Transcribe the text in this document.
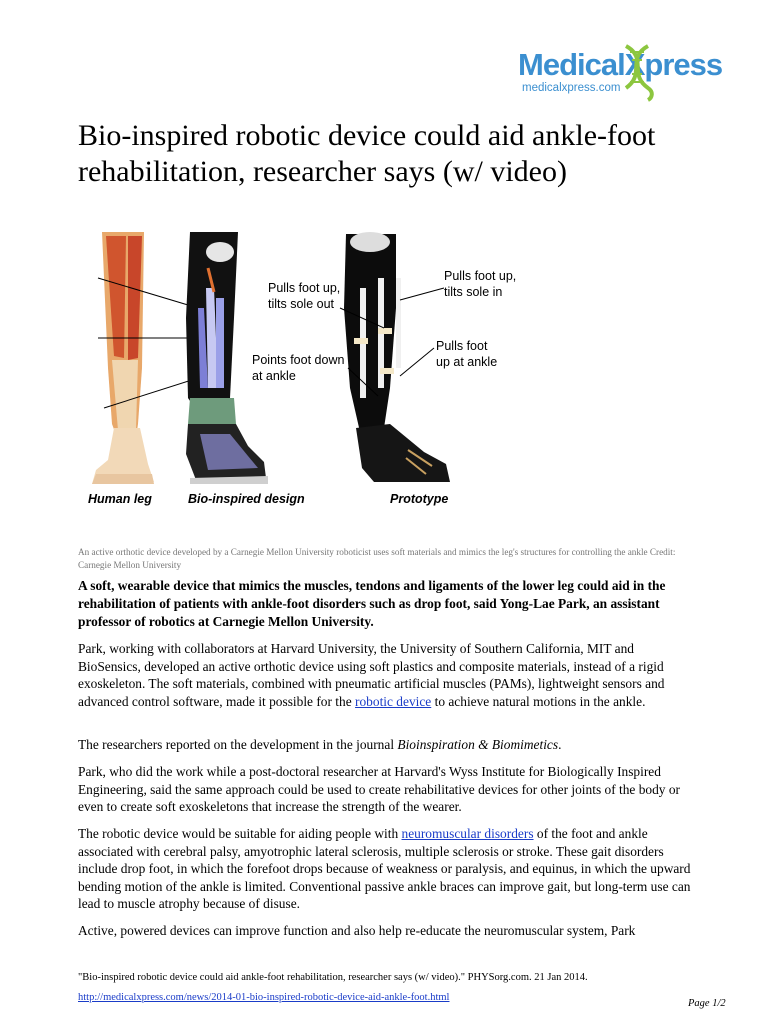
MedicalXpress
medicalxpress.com
Bio-inspired robotic device could aid ankle-foot rehabilitation, researcher says (w/ video)
Pulls foot up,
tilts sole out
Points foot down
at ankle
Pulls foot up,
tilts sole in
Pulls foot
up at ankle
Human leg	Bio-inspired design	Prototype

An active orthotic device developed by a Carnegie Mellon University roboticist uses soft materials and mimics the leg's structures for controlling the ankle Credit: Carnegie Mellon University

A soft, wearable device that mimics the muscles, tendons and ligaments of the lower leg could aid in the rehabilitation of patients with ankle-foot disorders such as drop foot, said Yong-Lae Park, an assistant professor of robotics at Carnegie Mellon University.

Park, working with collaborators at Harvard University, the University of Southern California, MIT and BioSensics, developed an active orthotic device using soft plastics and composite materials, instead of a rigid exoskeleton. The soft materials, combined with pneumatic artificial muscles (PAMs), lightweight sensors and advanced control software, made it possible for the robotic device to achieve natural motions in the ankle.

The researchers reported on the development in the journal Bioinspiration & Biomimetics.

Park, who did the work while a post-doctoral researcher at Harvard's Wyss Institute for Biologically Inspired Engineering, said the same approach could be used to create rehabilitative devices for other joints of the body or even to create soft exoskeletons that increase the strength of the wearer.

The robotic device would be suitable for aiding people with neuromuscular disorders of the foot and ankle associated with cerebral palsy, amyotrophic lateral sclerosis, multiple sclerosis or stroke. These gait disorders include drop foot, in which the forefoot drops because of weakness or paralysis, and equinus, in which the upward bending motion of the ankle is limited. Conventional passive ankle braces can improve gait, but long-term use can lead to muscle atrophy because of disuse.

Active, powered devices can improve function and also help re-educate the neuromuscular system, Park

"Bio-inspired robotic device could aid ankle-foot rehabilitation, researcher says (w/ video)." PHYSorg.com. 21 Jan 2014.
http://medicalxpress.com/news/2014-01-bio-inspired-robotic-device-aid-ankle-foot.html
Page 1/2
